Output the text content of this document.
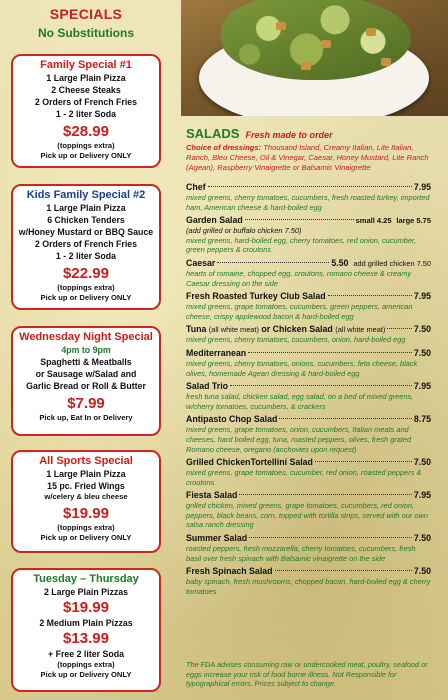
SPECIALS
No Substitutions
Family Special #1
1 Large Plain Pizza
2 Cheese Steaks
2 Orders of French Fries
1 - 2 liter Soda
$28.99
(toppings extra)
Pick up or Delivery ONLY
Kids Family Special #2
1 Large Plain Pizza
6 Chicken Tenders
w/Honey Mustard or BBQ Sauce
2 Orders of French Fries
1 - 2 liter Soda
$22.99
(toppings extra)
Pick up or Delivery ONLY
Wednesday Night Special
4pm to 9pm
Spaghetti & Meatballs
or Sausage w/Salad and
Garlic Bread or Roll & Butter
$7.99
Pick up, Eat In or Delivery
All Sports Special
1 Large Plain Pizza
15 pc. Fried Wings
w/celery & bleu cheese
$19.99
(toppings extra)
Pick up or Delivery ONLY
Tuesday – Thursday
2 Large Plain Pizzas
$19.99
2 Medium Plain Pizzas
$13.99
+ Free 2 liter Soda
(toppings extra)
Pick up or Delivery ONLY
SALADS Fresh made to order
Choice of dressings: Thousand Island, Creamy Italian, Lite Italian, Ranch, Bleu Cheese, Oil & Vinegar, Caesar, Honey Mustard, Lite Ranch (Agean), Raspberry Vinaigrette or Balsamic Vinaigrette
Chef	7.95
mixed greens, cherry tomatoes, cucumbers, fresh roasted turkey, imported ham, American cheese & hard-boiled egg
Garden Salad	small 4.25
large 5.75
(add grilled or buffalo chicken 7.50)
mixed greens, hard-boiled egg, cherry tomatoes, red onion, cucumber, green peppers & croutons
Caesar	5.50
add grilled chicken 7.50
hearts of romaine, chopped egg, croutons, romano cheese & creamy Caesar dressing on the side
Fresh Roasted Turkey Club Salad	7.95
mixed greens, grape tomatoes, cucumbers, green peppers, american cheese, crispy applewood bacon & hard-boiled egg
Tuna
(all white meat)
or Chicken Salad
(all white meat)	7.50
mixed greens, cherry tomatoes, cucumbers, onion, hard-boiled egg
Mediterranean	7.50
mixed greens, cherry tomatoes, onions, cucumbers, feta cheese, black olives, homemade Agean dressing & hard-boiled egg
Salad Trio	7.95
fresh tuna salad, chicken salad, egg salad, on a bed of mixed greens, w/cherry tomatoes, cucumbers, & crackers
Antipasto Chop Salad	8.75
mixed greens, grape tomatoes, onion, cucumbers, Italian meats and cheeses, hard boiled egg, tuna, roasted peppers, olives, fresh grated Romano cheese, oregano (anchovies upon request)
Grilled ChickenTortellini Salad	7.50
mixed greens, grape tomatoes, cucumber, red onion, roasted peppers & croutons
Fiesta Salad	7.95
grilled chicken, mixed greens, grape tomatoes, cucumbers, red onion, peppers, black beans, corn, topped with tortilla strips, served with our own salsa ranch dressing
Summer Salad	7.50
roasted peppers, fresh mozzarella, cherry tomatoes, cucumbers, fresh basil over fresh spinach with Balsamic vinaigrette on the side
Fresh Spinach Salad	7.50
baby spinach, fresh mushrooms, chopped bacon, hard-boiled egg & cherry tomatoes
The FDA advises consuming raw or undercooked meat, poultry, seafood or eggs increase your risk of food borne illness. Not Responsible for typographical errors. Prices subject to change.
